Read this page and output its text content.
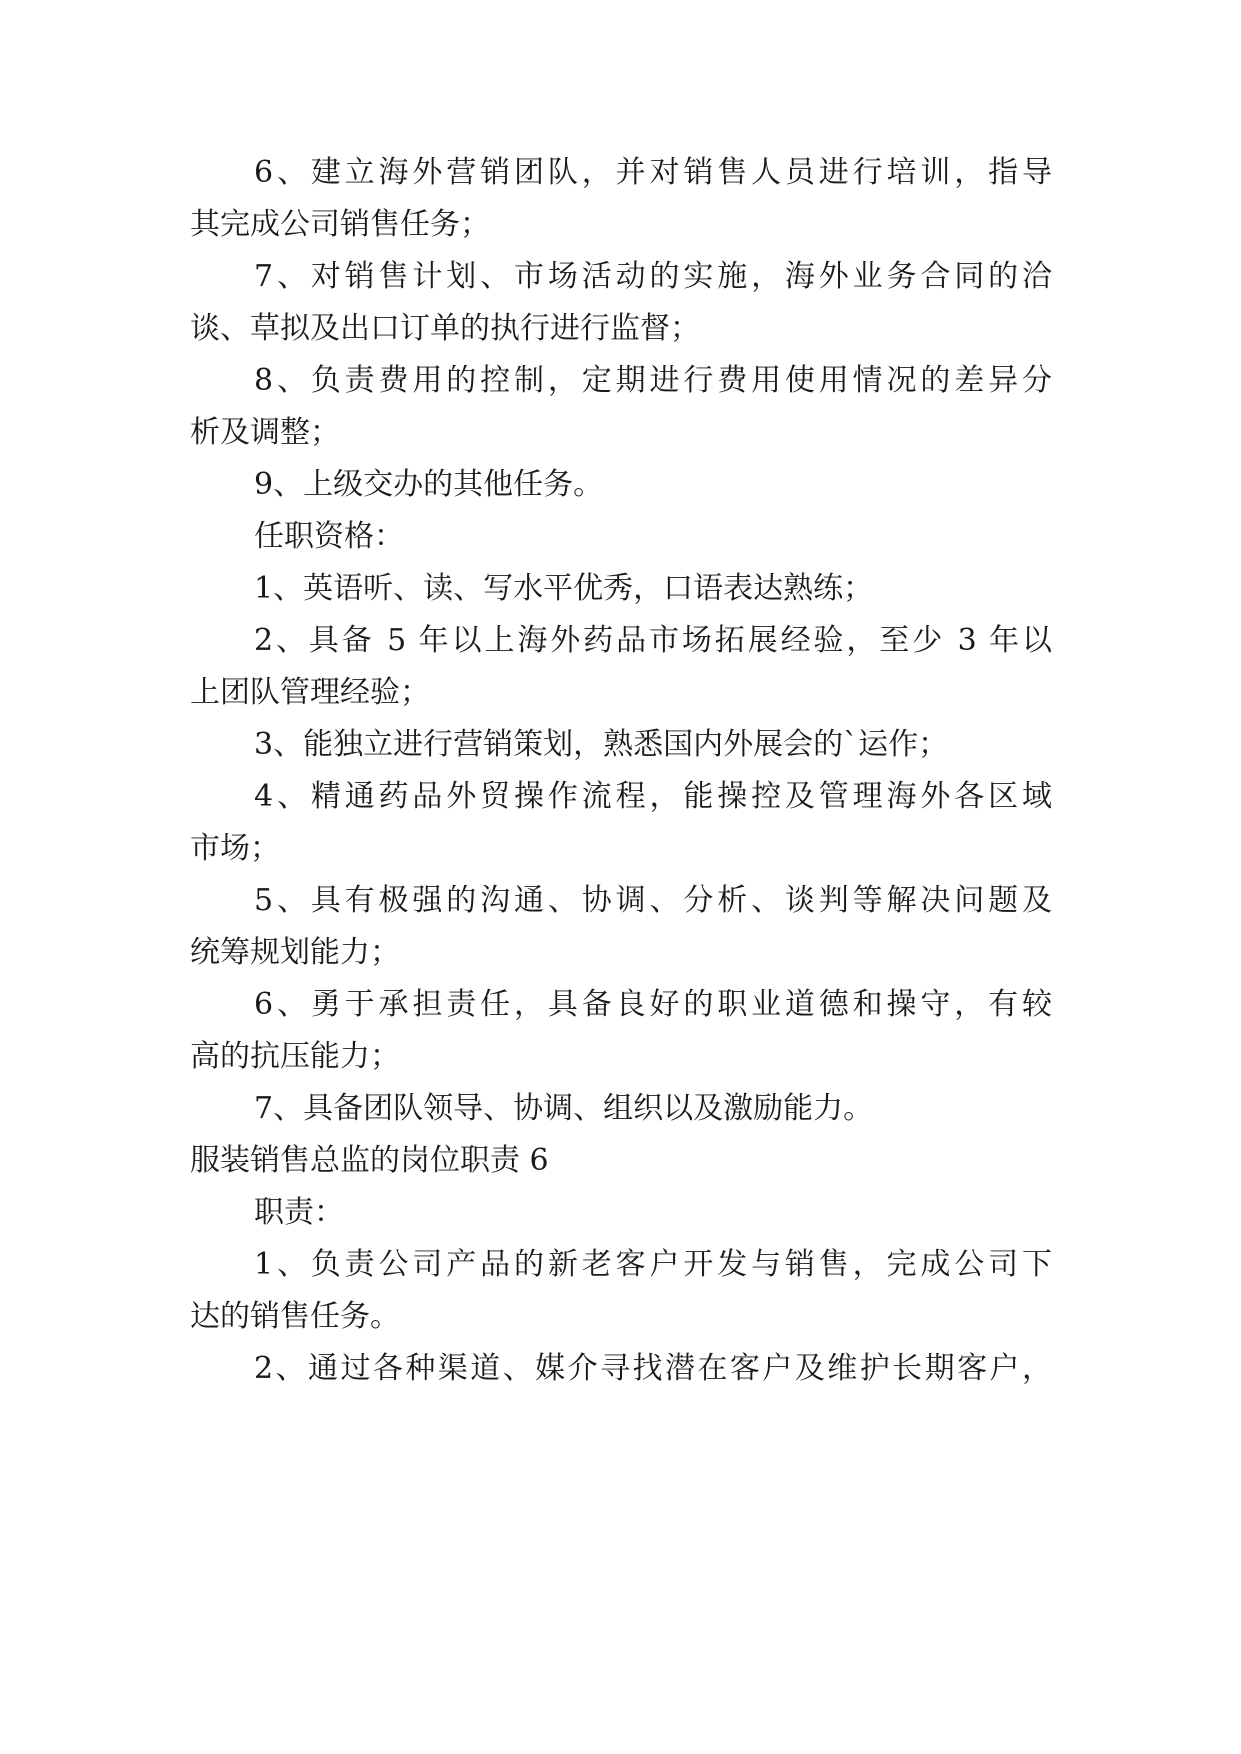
6、建立海外营销团队，并对销售人员进行培训，指导
其完成公司销售任务；
7、对销售计划、市场活动的实施，海外业务合同的洽
谈、草拟及出口订单的执行进行监督；
8、负责费用的控制，定期进行费用使用情况的差异分
析及调整；
9、上级交办的其他任务。
任职资格：
1、英语听、读、写水平优秀，口语表达熟练；
2、具备 5 年以上海外药品市场拓展经验，至少 3 年以
上团队管理经验；
3、能独立进行营销策划，熟悉国内外展会的`运作；
4、精通药品外贸操作流程，能操控及管理海外各区域
市场；
5、具有极强的沟通、协调、分析、谈判等解决问题及
统筹规划能力；
6、勇于承担责任，具备良好的职业道德和操守，有较
高的抗压能力；
7、具备团队领导、协调、组织以及激励能力。
服装销售总监的岗位职责 6
职责：
1、负责公司产品的新老客户开发与销售，完成公司下
达的销售任务。
2、通过各种渠道、媒介寻找潜在客户及维护长期客户，
